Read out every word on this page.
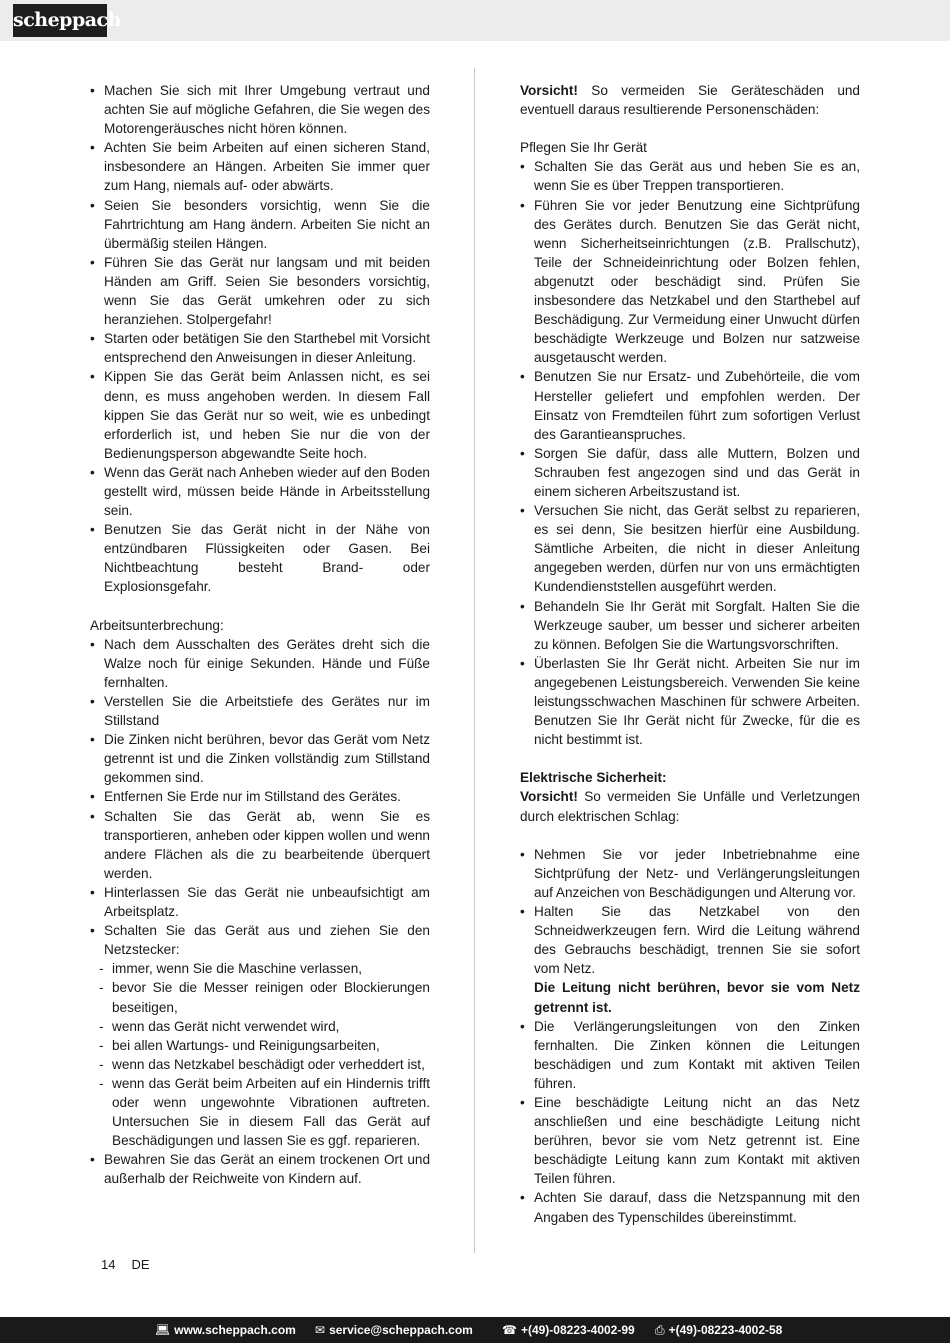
scheppach
• Machen Sie sich mit Ihrer Umgebung vertraut und achten Sie auf mögliche Gefahren, die Sie wegen des Motorengeräusches nicht hören können.
• Achten Sie beim Arbeiten auf einen sicheren Stand, insbesondere an Hängen. Arbeiten Sie immer quer zum Hang, niemals auf- oder abwärts.
• Seien Sie besonders vorsichtig, wenn Sie die Fahrtrichtung am Hang ändern. Arbeiten Sie nicht an übermäßig steilen Hängen.
• Führen Sie das Gerät nur langsam und mit beiden Händen am Griff. Seien Sie besonders vorsichtig, wenn Sie das Gerät umkehren oder zu sich heranziehen. Stolpergefahr!
• Starten oder betätigen Sie den Starthebel mit Vorsicht entsprechend den Anweisungen in dieser Anleitung.
• Kippen Sie das Gerät beim Anlassen nicht, es sei denn, es muss angehoben werden. In diesem Fall kippen Sie das Gerät nur so weit, wie es unbedingt erforderlich ist, und heben Sie nur die von der Bedienungsperson abgewandte Seite hoch.
• Wenn das Gerät nach Anheben wieder auf den Boden gestellt wird, müssen beide Hände in Arbeitsstellung sein.
• Benutzen Sie das Gerät nicht in der Nähe von entzündbaren Flüssigkeiten oder Gasen. Bei Nichtbeachtung besteht Brand- oder Explosionsgefahr.

Arbeitsunterbrechung:

• Nach dem Ausschalten des Gerätes dreht sich die Walze noch für einige Sekunden. Hände und Füße fernhalten.
• Verstellen Sie die Arbeitstiefe des Gerätes nur im Stillstand
• Die Zinken nicht berühren, bevor das Gerät vom Netz getrennt ist und die Zinken vollständig zum Stillstand gekommen sind.
• Entfernen Sie Erde nur im Stillstand des Gerätes.
• Schalten Sie das Gerät ab, wenn Sie es transportieren, anheben oder kippen wollen und wenn andere Flächen als die zu bearbeitende überquert werden.
• Hinterlassen Sie das Gerät nie unbeaufsichtigt am Arbeitsplatz.
• Schalten Sie das Gerät aus und ziehen Sie den Netzstecker:
- immer, wenn Sie die Maschine verlassen,
- bevor Sie die Messer reinigen oder Blockierungen beseitigen,
- wenn das Gerät nicht verwendet wird,
- bei allen Wartungs- und Reinigungsarbeiten,
- wenn das Netzkabel beschädigt oder verheddert ist,
- wenn das Gerät beim Arbeiten auf ein Hindernis trifft oder wenn ungewohnte Vibrationen auftreten. Untersuchen Sie in diesem Fall das Gerät auf Beschädigungen und lassen Sie es ggf. reparieren.
• Bewahren Sie das Gerät an einem trockenen Ort und außerhalb der Reichweite von Kindern auf.

Vorsicht! So vermeiden Sie Geräteschäden und eventuell daraus resultierende Personenschäden:

Pflegen Sie Ihr Gerät

• Schalten Sie das Gerät aus und heben Sie es an, wenn Sie es über Treppen transportieren.
• Führen Sie vor jeder Benutzung eine Sichtprüfung des Gerätes durch. Benutzen Sie das Gerät nicht, wenn Sicherheitseinrichtungen (z.B. Prallschutz), Teile der Schneideinrichtung oder Bolzen fehlen, abgenutzt oder beschädigt sind. Prüfen Sie insbesondere das Netzkabel und den Starthebel auf Beschädigung. Zur Vermeidung einer Unwucht dürfen beschädigte Werkzeuge und Bolzen nur satzweise ausgetauscht werden.
• Benutzen Sie nur Ersatz- und Zubehörteile, die vom Hersteller geliefert und empfohlen werden. Der Einsatz von Fremdteilen führt zum sofortigen Verlust des Garantieanspruches.
• Sorgen Sie dafür, dass alle Muttern, Bolzen und Schrauben fest angezogen sind und das Gerät in einem sicheren Arbeitszustand ist.
• Versuchen Sie nicht, das Gerät selbst zu reparieren, es sei denn, Sie besitzen hierfür eine Ausbildung. Sämtliche Arbeiten, die nicht in dieser Anleitung angegeben werden, dürfen nur von uns ermächtigten Kundendienststellen ausgeführt werden.
• Behandeln Sie Ihr Gerät mit Sorgfalt. Halten Sie die Werkzeuge sauber, um besser und sicherer arbeiten zu können. Befolgen Sie die Wartungsvorschriften.
• Überlasten Sie Ihr Gerät nicht. Arbeiten Sie nur im angegebenen Leistungsbereich. Verwenden Sie keine leistungsschwachen Maschinen für schwere Arbeiten. Benutzen Sie Ihr Gerät nicht für Zwecke, für die es nicht bestimmt ist.

Elektrische Sicherheit:

Vorsicht! So vermeiden Sie Unfälle und Verletzungen durch elektrischen Schlag:

• Nehmen Sie vor jeder Inbetriebnahme eine Sichtprüfung der Netz- und Verlängerungsleitungen auf Anzeichen von Beschädigungen und Alterung vor.
• Halten Sie das Netzkabel von den Schneidwerkzeugen fern. Wird die Leitung während des Gebrauchs beschädigt, trennen Sie sie sofort vom Netz.
Die Leitung nicht berühren, bevor sie vom Netz getrennt ist.
• Die Verlängerungsleitungen von den Zinken fernhalten. Die Zinken können die Leitungen beschädigen und zum Kontakt mit aktiven Teilen führen.
• Eine beschädigte Leitung nicht an das Netz anschließen und eine beschädigte Leitung nicht berühren, bevor sie vom Netz getrennt ist. Eine beschädigte Leitung kann zum Kontakt mit aktiven Teilen führen.
• Achten Sie darauf, dass die Netzspannung mit den Angaben des Typenschildes übereinstimmt.
14 DE
💻︎ www.scheppach.com ✉︎ service@scheppach.com ☎︎ +(49)-08223-4002-99 ⎙ +(49)-08223-4002-58
